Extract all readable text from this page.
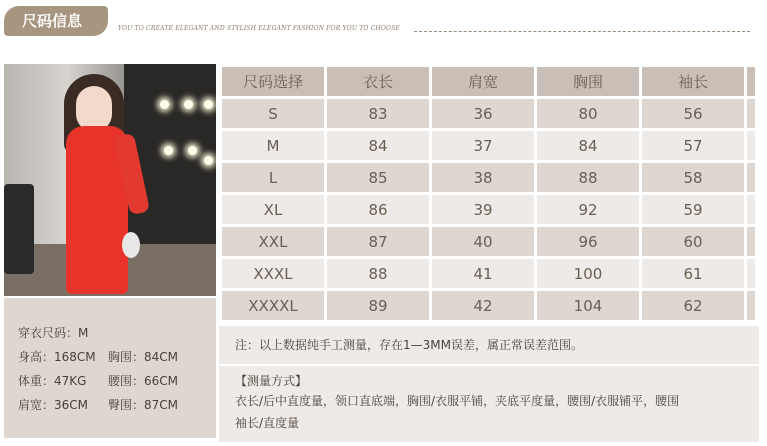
尺码信息	YOU TO CREATE ELEGANT AND STYLISH ELEGANT FASHION FOR YOU TO CHOOSE
穿衣尺码：M
身高：168CM 胸围：84CM
体重：47KG 腰围：66CM
肩宽：36CM 臀围：87CM
尺码选择	衣长	肩宽	胸围	袖长	
S	83	36	80	56	
M	84	37	84	57	
L	85	38	88	58	
XL	86	39	92	59	
XXL	87	40	96	60	
XXXL	88	41	100	61	
XXXXL	89	42	104	62	
注：以上数据纯手工测量，存在1—3MM误差，属正常误差范围。
【测量方式】
衣长/后中直度量，领口直底端，胸围/衣服平铺，夹底平度量，腰围/衣服铺平，腰围
袖长/直度量
